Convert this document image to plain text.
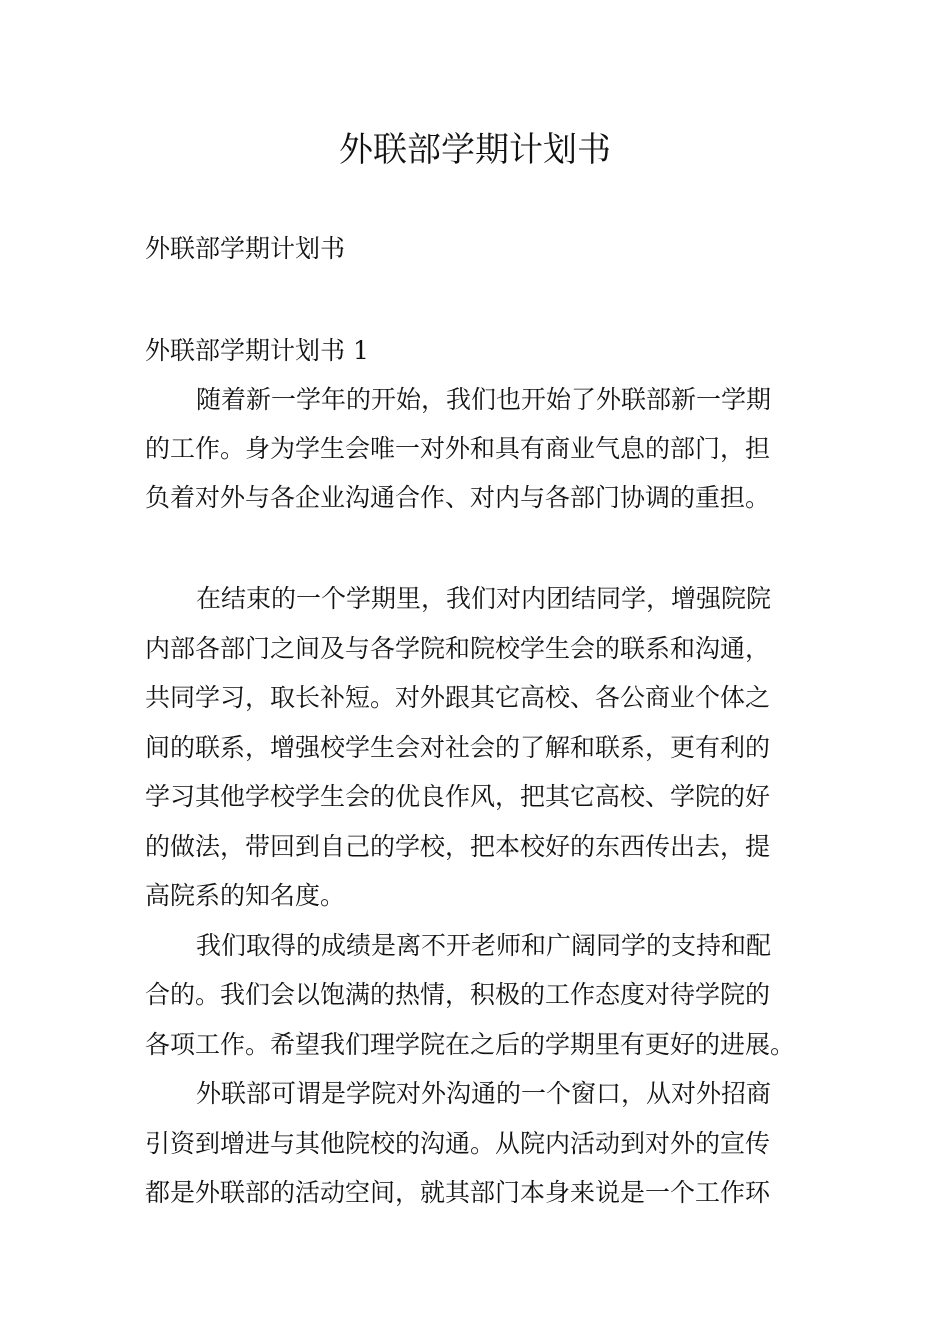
外联部学期计划书

外联部学期计划书

外联部学期计划书 1

随着新一学年的开始，我们也开始了外联部新一学期

的工作。身为学生会唯一对外和具有商业气息的部门，担

负着对外与各企业沟通合作、对内与各部门协调的重担。

在结束的一个学期里，我们对内团结同学，增强院院

内部各部门之间及与各学院和院校学生会的联系和沟通，

共同学习，取长补短。对外跟其它高校、各公商业个体之

间的联系，增强校学生会对社会的了解和联系，更有利的

学习其他学校学生会的优良作风，把其它高校、学院的好

的做法，带回到自己的学校，把本校好的东西传出去，提

高院系的知名度。

我们取得的成绩是离不开老师和广阔同学的支持和配

合的。我们会以饱满的热情，积极的工作态度对待学院的

各项工作。希望我们理学院在之后的学期里有更好的进展。

外联部可谓是学院对外沟通的一个窗口，从对外招商

引资到增进与其他院校的沟通。从院内活动到对外的宣传

都是外联部的活动空间，就其部门本身来说是一个工作环
